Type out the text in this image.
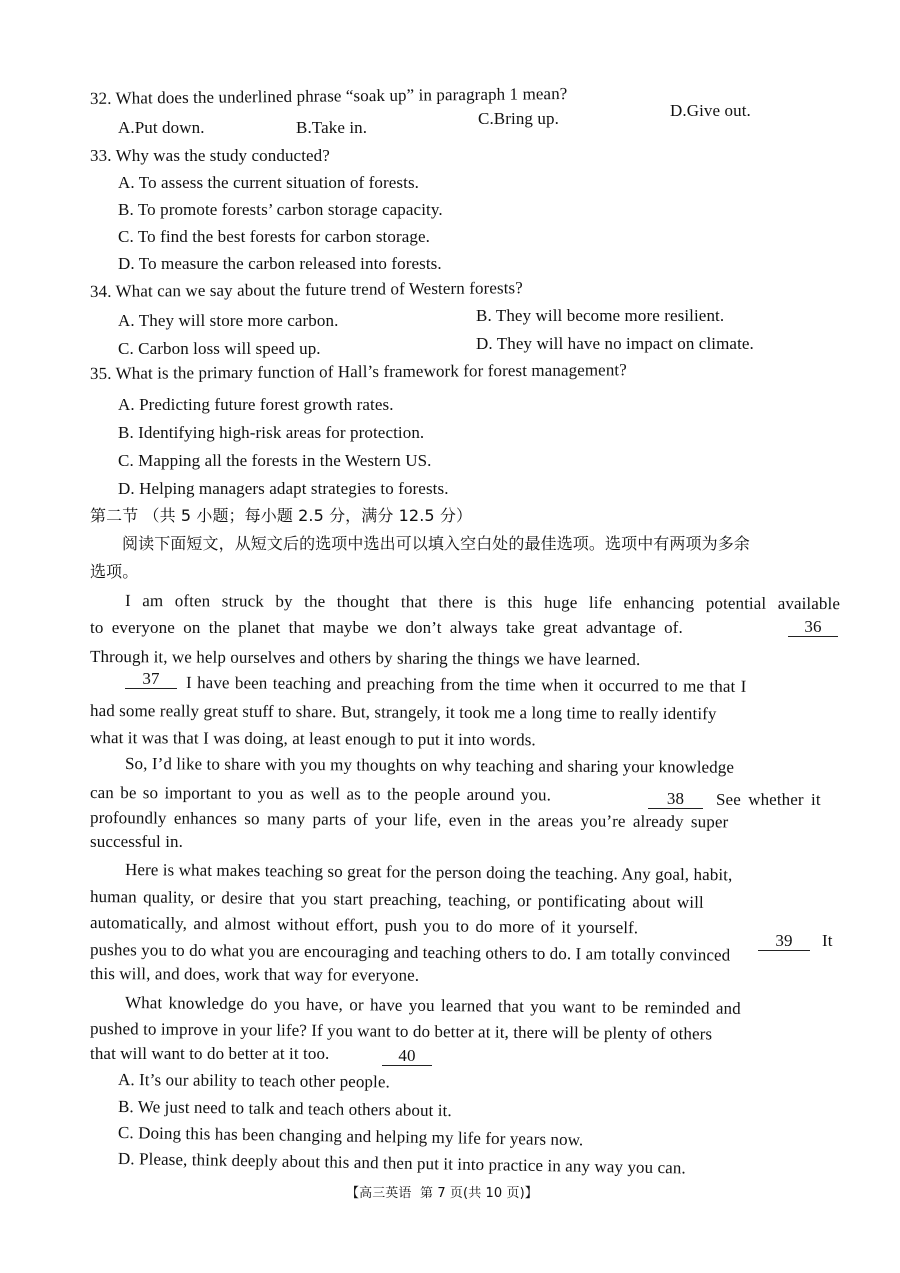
32. What does the underlined phrase “soak up” in paragraph 1 mean?
A.Put down.	B.Take in.	C.Bring up.	D.Give out.
33. Why was the study conducted?
A. To assess the current situation of forests.
B. To promote forests’ carbon storage capacity.
C. To find the best forests for carbon storage.
D. To measure the carbon released into forests.
34. What can we say about the future trend of Western forests?
A. They will store more carbon.	B. They will become more resilient.
C. Carbon loss will speed up.	D. They will have no impact on climate.
35. What is the primary function of Hall’s framework for forest management?
A. Predicting future forest growth rates.
B. Identifying high-risk areas for protection.
C. Mapping all the forests in the Western US.
D. Helping managers adapt strategies to forests.
第二节 （共 5 小题；每小题 2.5 分，满分 12.5 分）
阅读下面短文，从短文后的选项中选出可以填入空白处的最佳选项。选项中有两项为多余
选项。
I am often struck by the thought that there is this huge life enhancing potential available
to everyone on the planet that maybe we don’t always take great advantage of.	36
Through it, we help ourselves and others by sharing the things we have learned.
37	I have been teaching and preaching from the time when it occurred to me that I
had some really great stuff to share. But, strangely, it took me a long time to really identify
what it was that I was doing, at least enough to put it into words.
So, I’d like to share with you my thoughts on why teaching and sharing your knowledge
can be so important to you as well as to the people around you.	38	See whether it
profoundly enhances so many parts of your life, even in the areas you’re already super
successful in.
Here is what makes teaching so great for the person doing the teaching. Any goal, habit,
human quality, or desire that you start preaching, teaching, or pontificating about will
automatically, and almost without effort, push you to do more of it yourself.
39	It
pushes you to do what you are encouraging and teaching others to do. I am totally convinced
this will, and does, work that way for everyone.
What knowledge do you have, or have you learned that you want to be reminded and
pushed to improve in your life? If you want to do better at it, there will be plenty of others
that will want to do better at it too.	40
A. It’s our ability to teach other people.
B. We just need to talk and teach others about it.
C. Doing this has been changing and helping my life for years now.
D. Please, think deeply about this and then put it into practice in any way you can.
【高三英语 第 7 页(共 10 页)】
